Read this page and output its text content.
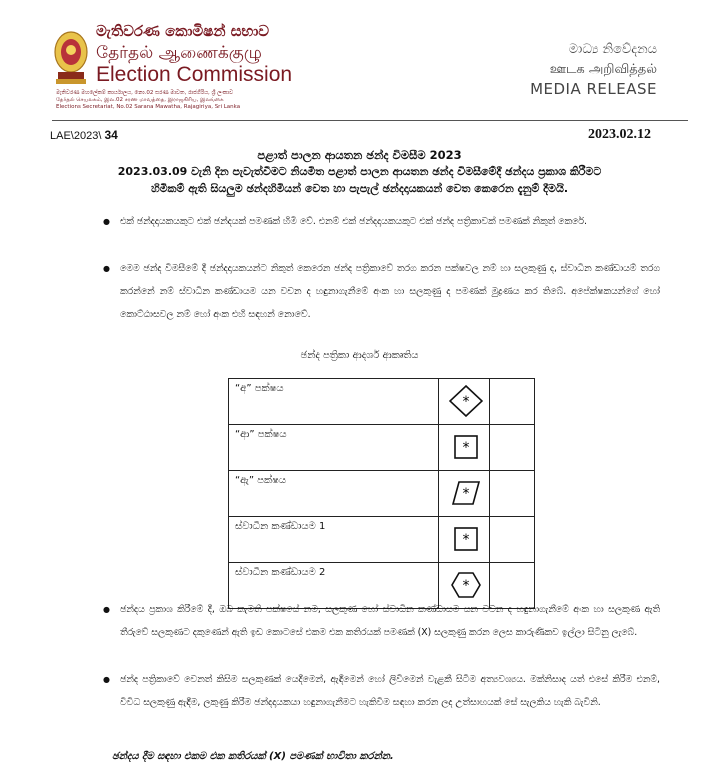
මැතිවරණ කොමිෂන් සභාව
தேர்தல் ஆணைக்குழு
Election Commission
මැතිවරණ මහලේකම් කාර්යාලය, නො.02 සරණ මාවත, රාජගිරිය, ශ්‍රී ලංකාව
தேர்தல் செயலகம், இல.02 சரண மாவத்தை, இராஜகிரிய, இலங்கை
Elections Secretariat, No.02 Sarana Mawatha, Rajagiriya, Sri Lanka
මාධ්‍ය නිවේදනය
ஊடக அறிவித்தல்
MEDIA RELEASE
LAE\2023\ 34	2023.02.12
පළාත් පාලන ආයතන ඡන්ද විමසීම 2023
2023.03.09 වැනි දින පැවැත්වීමට නියමිත පළාත් පාලන ආයතන ඡන්ද විමසීමේදී ඡන්දය ප්‍රකාශ කිරීමට
හිමිකම් ඇති සියලුම ඡන්දහිමියන් වෙත හා පැපැල් ඡන්දදායකයන් වෙත කෙරෙන දැනුම් දීමයි.
● එක් ඡන්දදායකයකුට එක් ඡන්දයක් පමණක් හිමි වේ. එනම් එක් ඡන්දදායකයකුට එක් ඡන්ද පත්‍රිකාවක් පමණක් නිකුත් කෙරේ.
● මෙම ඡන්ද විමසීමේ දී ඡන්දදායකයන්ට නිකුත් කෙරෙන ඡන්ද පත්‍රිකාවේ තරග කරන පක්ෂවල නම් හා සලකුණු ද, ස්වාධීන කණ්ඩායම් තරග කරන්නේ නම් ස්වාධීන කණ්ඩායම යන වචන ද හඳුනාගැනීමේ අංක හා සලකුණු ද පමණක් මුද්‍රණය කර තිබේ. අපේක්ෂකයන්ගේ හෝ කොට්ඨාසවල නම් හෝ අංක එහි සඳහන් නොවේ.
ඡන්ද පත්‍රිකා ආදර්ශ ආකෘතිය
“අ” පක්ෂය	*	

“ආ” පක්ෂය	*	

“ඇ” පක්ෂය	*	

ස්වාධීන කණ්ඩායම 1	*	

ස්වාධීන කණ්ඩායම 2	*	

● ඡන්දය ප්‍රකාශ කිරීමේ දී, ඔබ කැමති පක්ෂයේ නම, සලකුණ හෝ ස්වාධීන කණ්ඩායම යන වචන ද හඳුනාගැනීමේ අංක හා සලකුණ ඇති තීරුවේ සලකුණට දකුණෙන් ඇති ඉඩ කොටසේ එකම එක කතිරයක් පමණක් (X) සලකුණු කරන ලෙස කාරුණිකව ඉල්ලා සිටිනු ලැබේ.
● ඡන්ද පත්‍රිකාවේ වෙනත් කිසිම සලකුණක් යෙදීමෙන්, ඇඳීමෙන් හෝ ලිවීමෙන් වැළකී සිටීම අත්‍යවශ්‍යය. මක්නිසාද යත් එසේ කිරීම එනම්, විවිධ සලකුණු ඇඳීම, ලකුණු කිරීම ඡන්දදායකයා හඳුනාගැනීමට හැකිවීම සඳහා කරන ලද උත්සාහයක් සේ සැලකිය හැකි බැවිනි.
ඡන්දය දීම සඳහා එකම එක කතිරයක් (X) පමණක් භාවිතා කරන්න.
